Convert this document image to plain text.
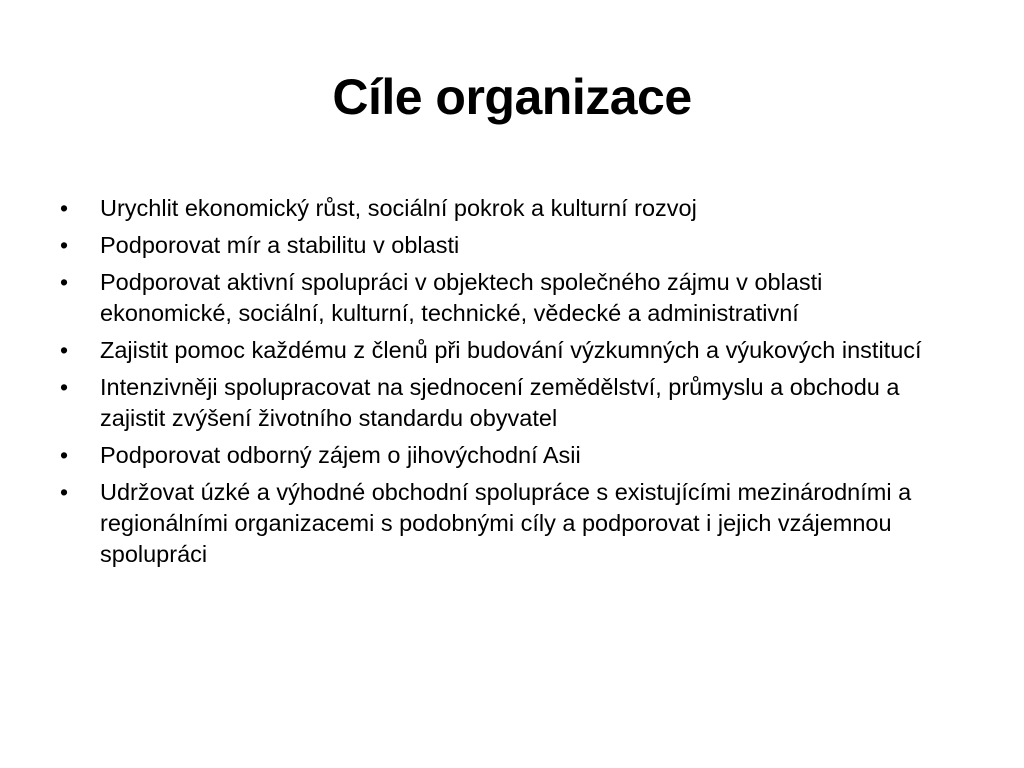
Cíle organizace
• Urychlit ekonomický růst, sociální pokrok a kulturní rozvoj
• Podporovat mír a stabilitu v oblasti
• Podporovat aktivní spolupráci v objektech společného zájmu v oblasti ekonomické, sociální, kulturní, technické, vědecké a administrativní
• Zajistit pomoc každému z členů při budování výzkumných a výukových institucí
• Intenzivněji spolupracovat na sjednocení zemědělství, průmyslu a obchodu a zajistit zvýšení životního standardu obyvatel
• Podporovat odborný zájem o jihovýchodní Asii
• Udržovat úzké a výhodné obchodní spolupráce s existujícími mezinárodními a regionálními organizacemi s podobnými cíly a podporovat i jejich vzájemnou spolupráci
